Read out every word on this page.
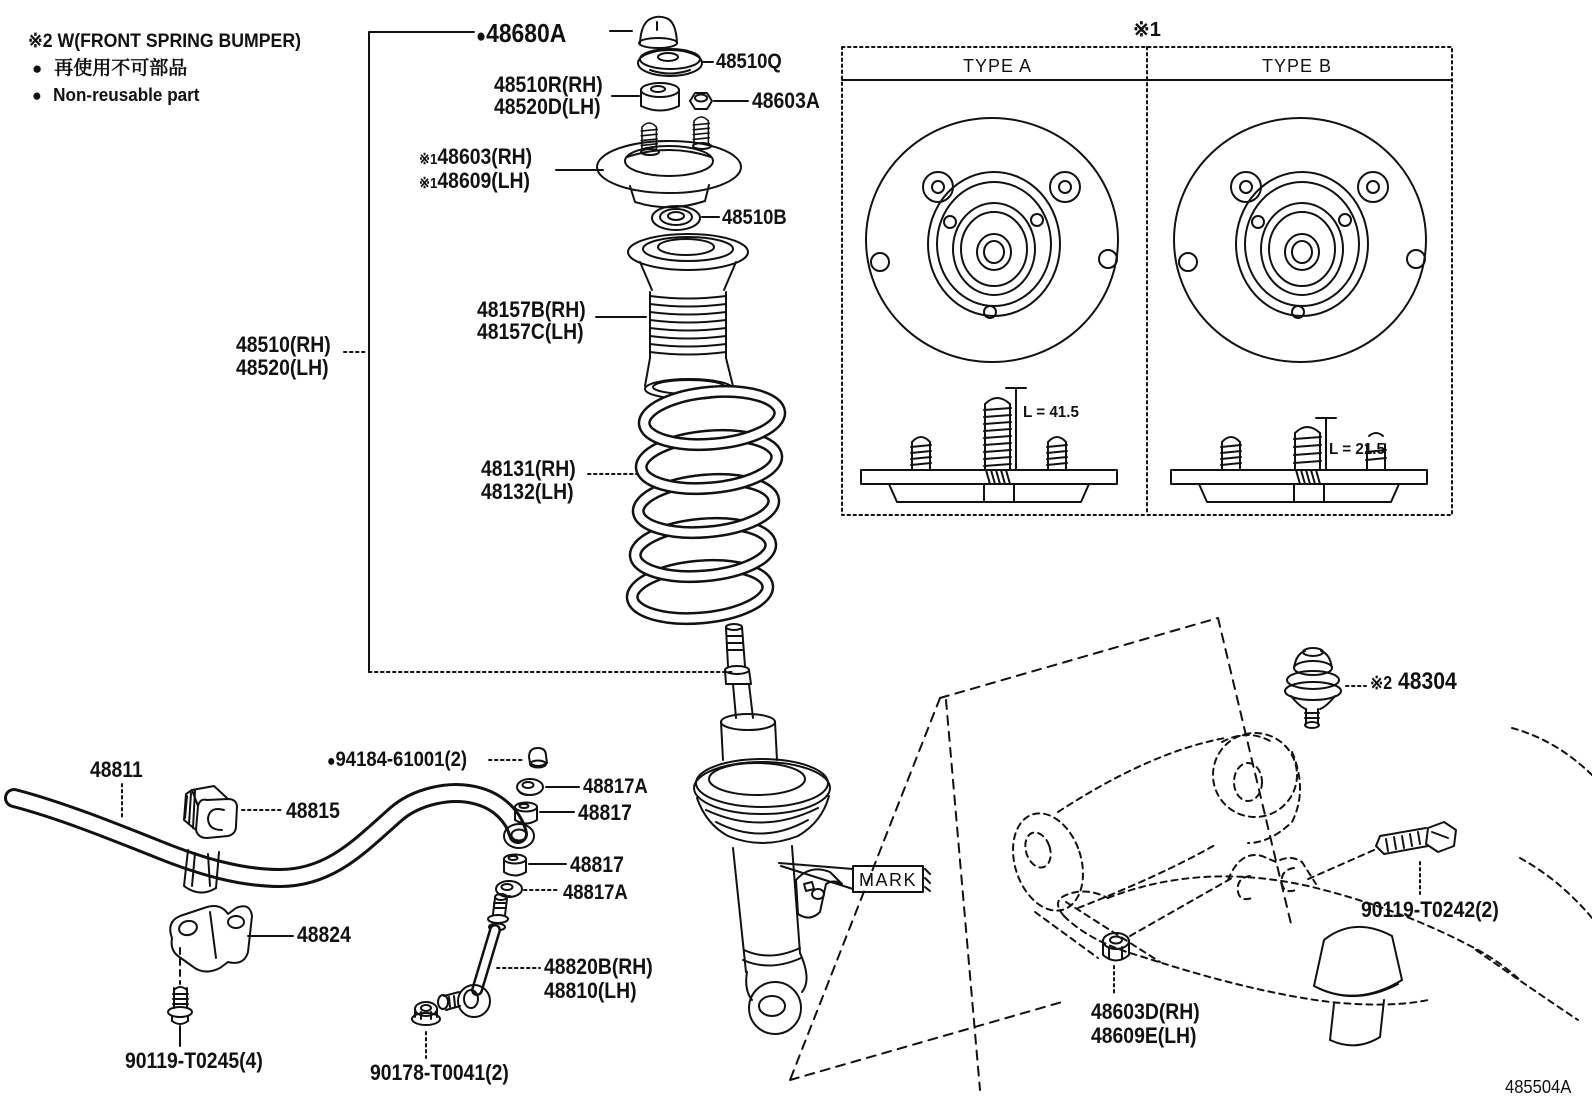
※2 W(FRONT SPRING BUMPER)
● 再使用不可部品
● Non-reusable part
●48680A
48510Q
48510R(RH)
48520D(LH)	48603A
※148603(RH)
※148609(LH)
48510B
48157B(RH)
48157C(LH)
48510(RH)
48520(LH)
48131(RH)
48132(LH)
※1
TYPE A	TYPE B
L = 41.5
L = 21.5
MARK
※2 48304
90119-T0242(2)
48603D(RH)
48609E(LH)
485504A
48811	●94184-61001(2)
48815
48817A
48817
48817
48817A
48824
90119-T0245(4)
48820B(RH)
48810(LH)
90178-T0041(2)
